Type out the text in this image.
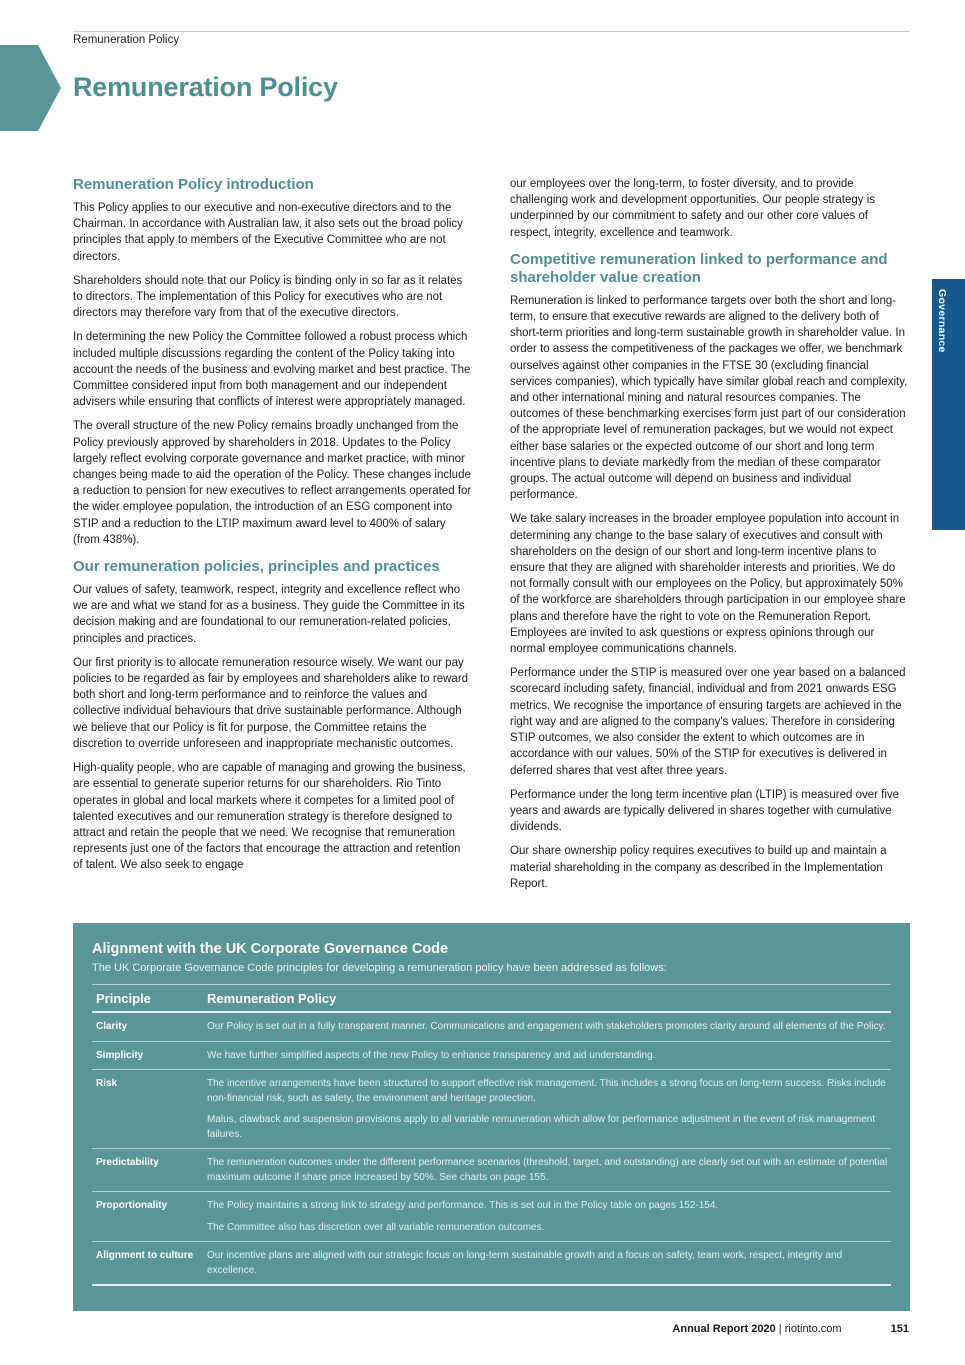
Remuneration Policy
Remuneration Policy
Governance
Remuneration Policy introduction

This Policy applies to our executive and non-executive directors and to the Chairman. In accordance with Australian law, it also sets out the broad policy principles that apply to members of the Executive Committee who are not directors.

Shareholders should note that our Policy is binding only in so far as it relates to directors. The implementation of this Policy for executives who are not directors may therefore vary from that of the executive directors.

In determining the new Policy the Committee followed a robust process which included multiple discussions regarding the content of the Policy taking into account the needs of the business and evolving market and best practice. The Committee considered input from both management and our independent advisers while ensuring that conflicts of interest were appropriately managed.

The overall structure of the new Policy remains broadly unchanged from the Policy previously approved by shareholders in 2018. Updates to the Policy largely reflect evolving corporate governance and market practice, with minor changes being made to aid the operation of the Policy. These changes include a reduction to pension for new executives to reflect arrangements operated for the wider employee population, the introduction of an ESG component into STIP and a reduction to the LTIP maximum award level to 400% of salary (from 438%).

Our remuneration policies, principles and practices

Our values of safety, teamwork, respect, integrity and excellence reflect who we are and what we stand for as a business. They guide the Committee in its decision making and are foundational to our remuneration-related policies, principles and practices.

Our first priority is to allocate remuneration resource wisely. We want our pay policies to be regarded as fair by employees and shareholders alike to reward both short and long-term performance and to reinforce the values and collective individual behaviours that drive sustainable performance. Although we believe that our Policy is fit for purpose, the Committee retains the discretion to override unforeseen and inappropriate mechanistic outcomes.

High-quality people, who are capable of managing and growing the business, are essential to generate superior returns for our shareholders. Rio Tinto operates in global and local markets where it competes for a limited pool of talented executives and our remuneration strategy is therefore designed to attract and retain the people that we need. We recognise that remuneration represents just one of the factors that encourage the attraction and retention of talent. We also seek to engage

our employees over the long-term, to foster diversity, and to provide challenging work and development opportunities. Our people strategy is underpinned by our commitment to safety and our other core values of respect, integrity, excellence and teamwork.

Competitive remuneration linked to performance and shareholder value creation

Remuneration is linked to performance targets over both the short and long-term, to ensure that executive rewards are aligned to the delivery both of short-term priorities and long-term sustainable growth in shareholder value. In order to assess the competitiveness of the packages we offer, we benchmark ourselves against other companies in the FTSE 30 (excluding financial services companies), which typically have similar global reach and complexity, and other international mining and natural resources companies. The outcomes of these benchmarking exercises form just part of our consideration of the appropriate level of remuneration packages, but we would not expect either base salaries or the expected outcome of our short and long term incentive plans to deviate markedly from the median of these comparator groups. The actual outcome will depend on business and individual performance.

We take salary increases in the broader employee population into account in determining any change to the base salary of executives and consult with shareholders on the design of our short and long-term incentive plans to ensure that they are aligned with shareholder interests and priorities. We do not formally consult with our employees on the Policy, but approximately 50% of the workforce are shareholders through participation in our employee share plans and therefore have the right to vote on the Remuneration Report. Employees are invited to ask questions or express opinions through our normal employee communications channels.

Performance under the STIP is measured over one year based on a balanced scorecard including safety, financial, individual and from 2021 onwards ESG metrics. We recognise the importance of ensuring targets are achieved in the right way and are aligned to the company's values. Therefore in considering STIP outcomes, we also consider the extent to which outcomes are in accordance with our values. 50% of the STIP for executives is delivered in deferred shares that vest after three years.

Performance under the long term incentive plan (LTIP) is measured over five years and awards are typically delivered in shares together with cumulative dividends.

Our share ownership policy requires executives to build up and maintain a material shareholding in the company as described in the Implementation Report.

Alignment with the UK Corporate Governance Code
The UK Corporate Governance Code principles for developing a remuneration policy have been addressed as follows:
Principle	Remuneration Policy
Clarity	Our Policy is set out in a fully transparent manner. Communications and engagement with stakeholders promotes clarity around all elements of the Policy.
Simplicity	We have further simplified aspects of the new Policy to enhance transparency and aid understanding.
Risk	The incentive arrangements have been structured to support effective risk management. This includes a strong focus on long-term success. Risks include non-financial risk, such as safety, the environment and heritage protection.
Malus, clawback and suspension provisions apply to all variable remuneration which allow for performance adjustment in the event of risk management failures.
Predictability	The remuneration outcomes under the different performance scenarios (threshold, target, and outstanding) are clearly set out with an estimate of potential maximum outcome if share price increased by 50%. See charts on page 155.
Proportionality	The Policy maintains a strong link to strategy and performance. This is set out in the Policy table on pages 152-154.
The Committee also has discretion over all variable remuneration outcomes.
Alignment to culture	Our incentive plans are aligned with our strategic focus on long-term sustainable growth and a focus on safety, team work, respect, integrity and excellence.
Annual Report 2020 | riotinto.com	151
